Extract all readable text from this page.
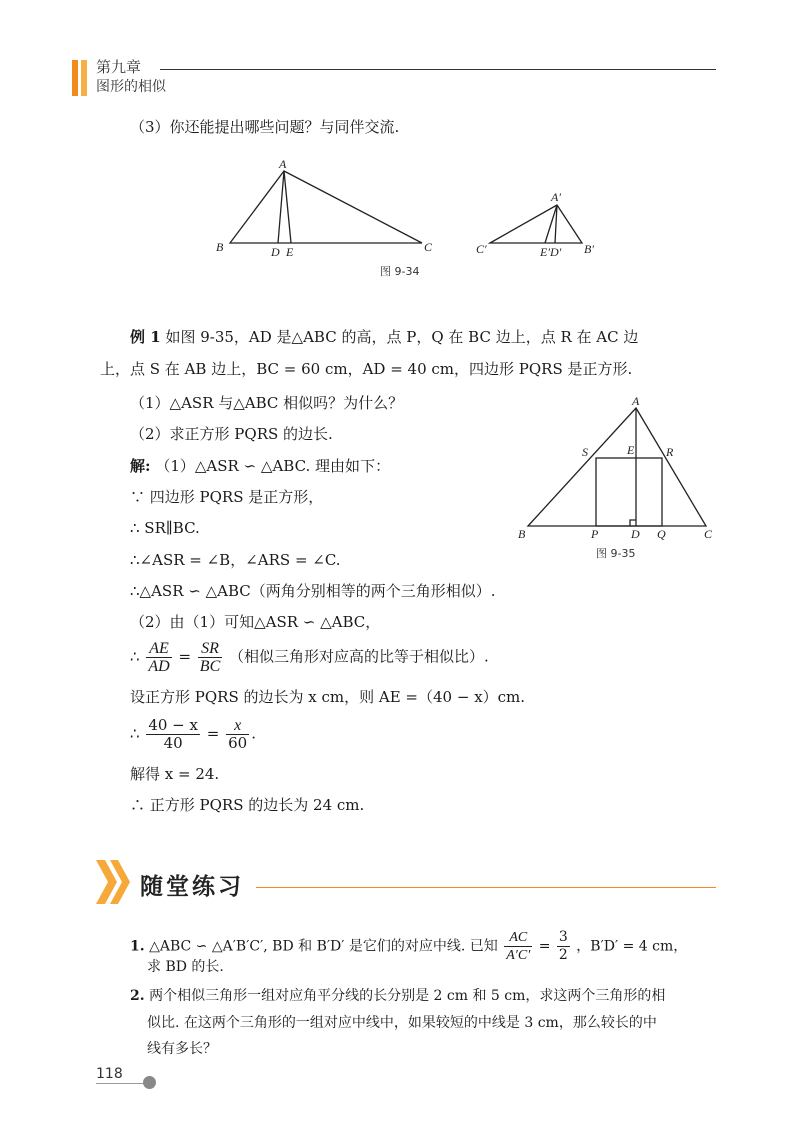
第九章
图形的相似
（3）你还能提出哪些问题？与同伴交流.
A
B	C
D E
A′
B′
C′	E′D′
图 9-34
例 1 如图 9-35，AD 是△ABC 的高，点 P，Q 在 BC 边上，点 R 在 AC 边
上，点 S 在 AB 边上，BC = 60 cm，AD = 40 cm，四边形 PQRS 是正方形.
（1）△ASR 与△ABC 相似吗？为什么？
（2）求正方形 PQRS 的边长.
解: （1）△ASR ∽ △ABC. 理由如下：
∵ 四边形 PQRS 是正方形，
∴ SR∥BC.
∴∠ASR = ∠B，∠ARS = ∠C.
∴△ASR ∽ △ABC（两角分别相等的两个三角形相似）.
（2）由（1）可知△ASR ∽ △ABC，
∴ $\frac{AE}{AD} = \frac{SR}{BC}$ （相似三角形对应高的比等于相似比）.
设正方形 PQRS 的边长为 x cm，则 AE =（40 − x）cm.
∴ $\frac{40 - x}{40} = \frac{x}{60}$ .
解得 x = 24.
∴ 正方形 PQRS 的边长为 24 cm.
A
B	C
D
E
P	Q
R
S
图 9-35
随堂练习
1. △ABC ∽ △A′B′C′, BD 和 B′D′ 是它们的对应中线. 已知 $\frac{AC}{A'C'} = \frac{3}{2}$ ，B′D′ = 4 cm，
求 BD 的长.
2. 两个相似三角形一组对应角平分线的长分别是 2 cm 和 5 cm，求这两个三角形的相
似比. 在这两个三角形的一组对应中线中，如果较短的中线是 3 cm，那么较长的中
线有多长？
118
